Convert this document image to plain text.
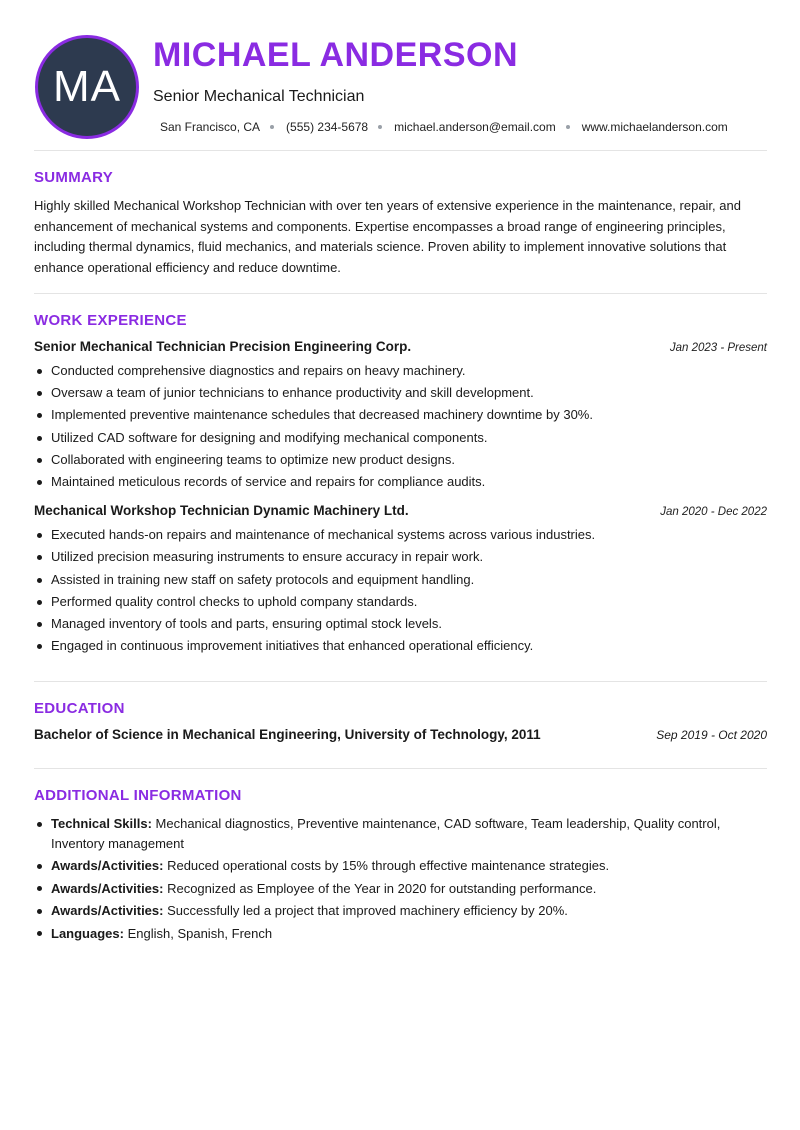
MA
MICHAEL ANDERSON
Senior Mechanical Technician
San Francisco, CA (555) 234-5678 michael.anderson@email.com www.michaelanderson.com
SUMMARY

Highly skilled Mechanical Workshop Technician with over ten years of extensive experience in the maintenance, repair, and enhancement of mechanical systems and components. Expertise encompasses a broad range of engineering principles, including thermal dynamics, fluid mechanics, and materials science. Proven ability to implement innovative solutions that enhance operational efficiency and reduce downtime.

WORK EXPERIENCE
Senior Mechanical Technician Precision Engineering Corp.	Jan 2023 - Present
Conducted comprehensive diagnostics and repairs on heavy machinery.
Oversaw a team of junior technicians to enhance productivity and skill development.
Implemented preventive maintenance schedules that decreased machinery downtime by 30%.
Utilized CAD software for designing and modifying mechanical components.
Collaborated with engineering teams to optimize new product designs.
Maintained meticulous records of service and repairs for compliance audits.
Mechanical Workshop Technician Dynamic Machinery Ltd.	Jan 2020 - Dec 2022
Executed hands-on repairs and maintenance of mechanical systems across various industries.
Utilized precision measuring instruments to ensure accuracy in repair work.
Assisted in training new staff on safety protocols and equipment handling.
Performed quality control checks to uphold company standards.
Managed inventory of tools and parts, ensuring optimal stock levels.
Engaged in continuous improvement initiatives that enhanced operational efficiency.
EDUCATION
Bachelor of Science in Mechanical Engineering, University of Technology, 2011	Sep 2019 - Oct 2020
ADDITIONAL INFORMATION
Technical Skills: Mechanical diagnostics, Preventive maintenance, CAD software, Team leadership, Quality control, Inventory management
Awards/Activities: Reduced operational costs by 15% through effective maintenance strategies.
Awards/Activities: Recognized as Employee of the Year in 2020 for outstanding performance.
Awards/Activities: Successfully led a project that improved machinery efficiency by 20%.
Languages: English, Spanish, French
